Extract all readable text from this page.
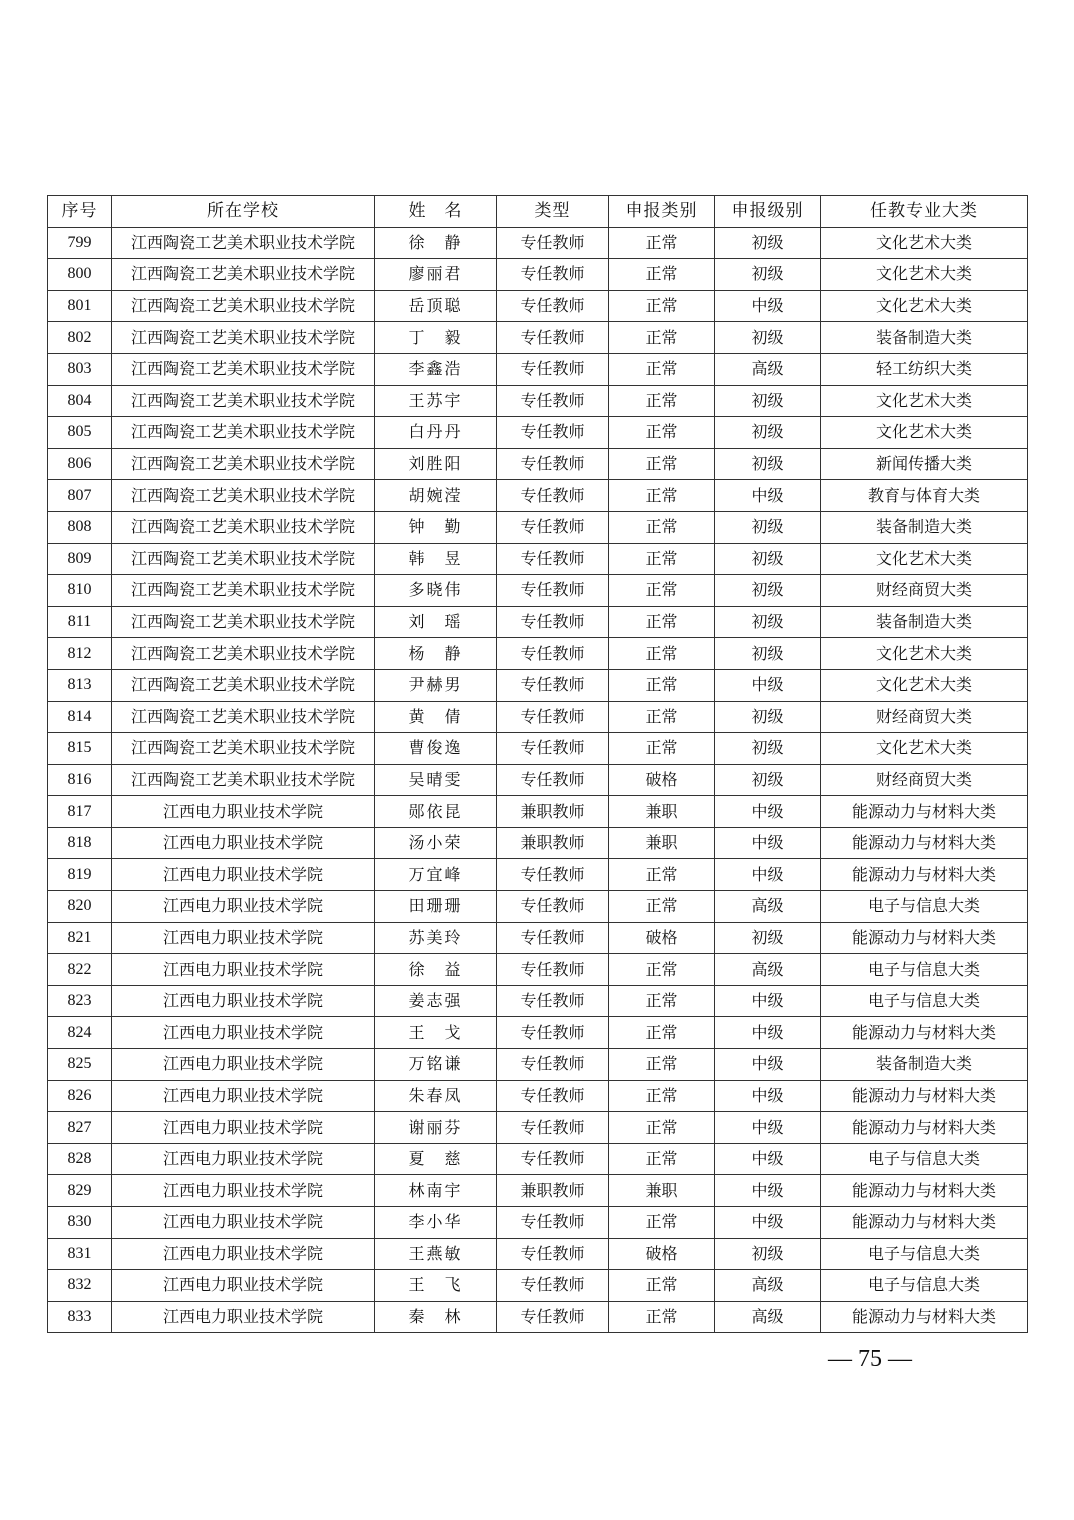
序号	所在学校	姓　名	类型	申报类别	申报级别	任教专业大类
799	江西陶瓷工艺美术职业技术学院	徐　静	专任教师	正常	初级	文化艺术大类
800	江西陶瓷工艺美术职业技术学院	廖丽君	专任教师	正常	初级	文化艺术大类
801	江西陶瓷工艺美术职业技术学院	岳顶聪	专任教师	正常	中级	文化艺术大类
802	江西陶瓷工艺美术职业技术学院	丁　毅	专任教师	正常	初级	装备制造大类
803	江西陶瓷工艺美术职业技术学院	李鑫浩	专任教师	正常	高级	轻工纺织大类
804	江西陶瓷工艺美术职业技术学院	王苏宇	专任教师	正常	初级	文化艺术大类
805	江西陶瓷工艺美术职业技术学院	白丹丹	专任教师	正常	初级	文化艺术大类
806	江西陶瓷工艺美术职业技术学院	刘胜阳	专任教师	正常	初级	新闻传播大类
807	江西陶瓷工艺美术职业技术学院	胡婉滢	专任教师	正常	中级	教育与体育大类
808	江西陶瓷工艺美术职业技术学院	钟　勤	专任教师	正常	初级	装备制造大类
809	江西陶瓷工艺美术职业技术学院	韩　昱	专任教师	正常	初级	文化艺术大类
810	江西陶瓷工艺美术职业技术学院	多晓伟	专任教师	正常	初级	财经商贸大类
811	江西陶瓷工艺美术职业技术学院	刘　瑶	专任教师	正常	初级	装备制造大类
812	江西陶瓷工艺美术职业技术学院	杨　静	专任教师	正常	初级	文化艺术大类
813	江西陶瓷工艺美术职业技术学院	尹赫男	专任教师	正常	中级	文化艺术大类
814	江西陶瓷工艺美术职业技术学院	黄　倩	专任教师	正常	初级	财经商贸大类
815	江西陶瓷工艺美术职业技术学院	曹俊逸	专任教师	正常	初级	文化艺术大类
816	江西陶瓷工艺美术职业技术学院	吴晴雯	专任教师	破格	初级	财经商贸大类
817	江西电力职业技术学院	郧依昆	兼职教师	兼职	中级	能源动力与材料大类
818	江西电力职业技术学院	汤小荣	兼职教师	兼职	中级	能源动力与材料大类
819	江西电力职业技术学院	万宜峰	专任教师	正常	中级	能源动力与材料大类
820	江西电力职业技术学院	田珊珊	专任教师	正常	高级	电子与信息大类
821	江西电力职业技术学院	苏美玲	专任教师	破格	初级	能源动力与材料大类
822	江西电力职业技术学院	徐　益	专任教师	正常	高级	电子与信息大类
823	江西电力职业技术学院	姜志强	专任教师	正常	中级	电子与信息大类
824	江西电力职业技术学院	王　戈	专任教师	正常	中级	能源动力与材料大类
825	江西电力职业技术学院	万铭谦	专任教师	正常	中级	装备制造大类
826	江西电力职业技术学院	朱春凤	专任教师	正常	中级	能源动力与材料大类
827	江西电力职业技术学院	谢丽芬	专任教师	正常	中级	能源动力与材料大类
828	江西电力职业技术学院	夏　慈	专任教师	正常	中级	电子与信息大类
829	江西电力职业技术学院	林南宇	兼职教师	兼职	中级	能源动力与材料大类
830	江西电力职业技术学院	李小华	专任教师	正常	中级	能源动力与材料大类
831	江西电力职业技术学院	王燕敏	专任教师	破格	初级	电子与信息大类
832	江西电力职业技术学院	王　飞	专任教师	正常	高级	电子与信息大类
833	江西电力职业技术学院	秦　林	专任教师	正常	高级	能源动力与材料大类
— 75 —
